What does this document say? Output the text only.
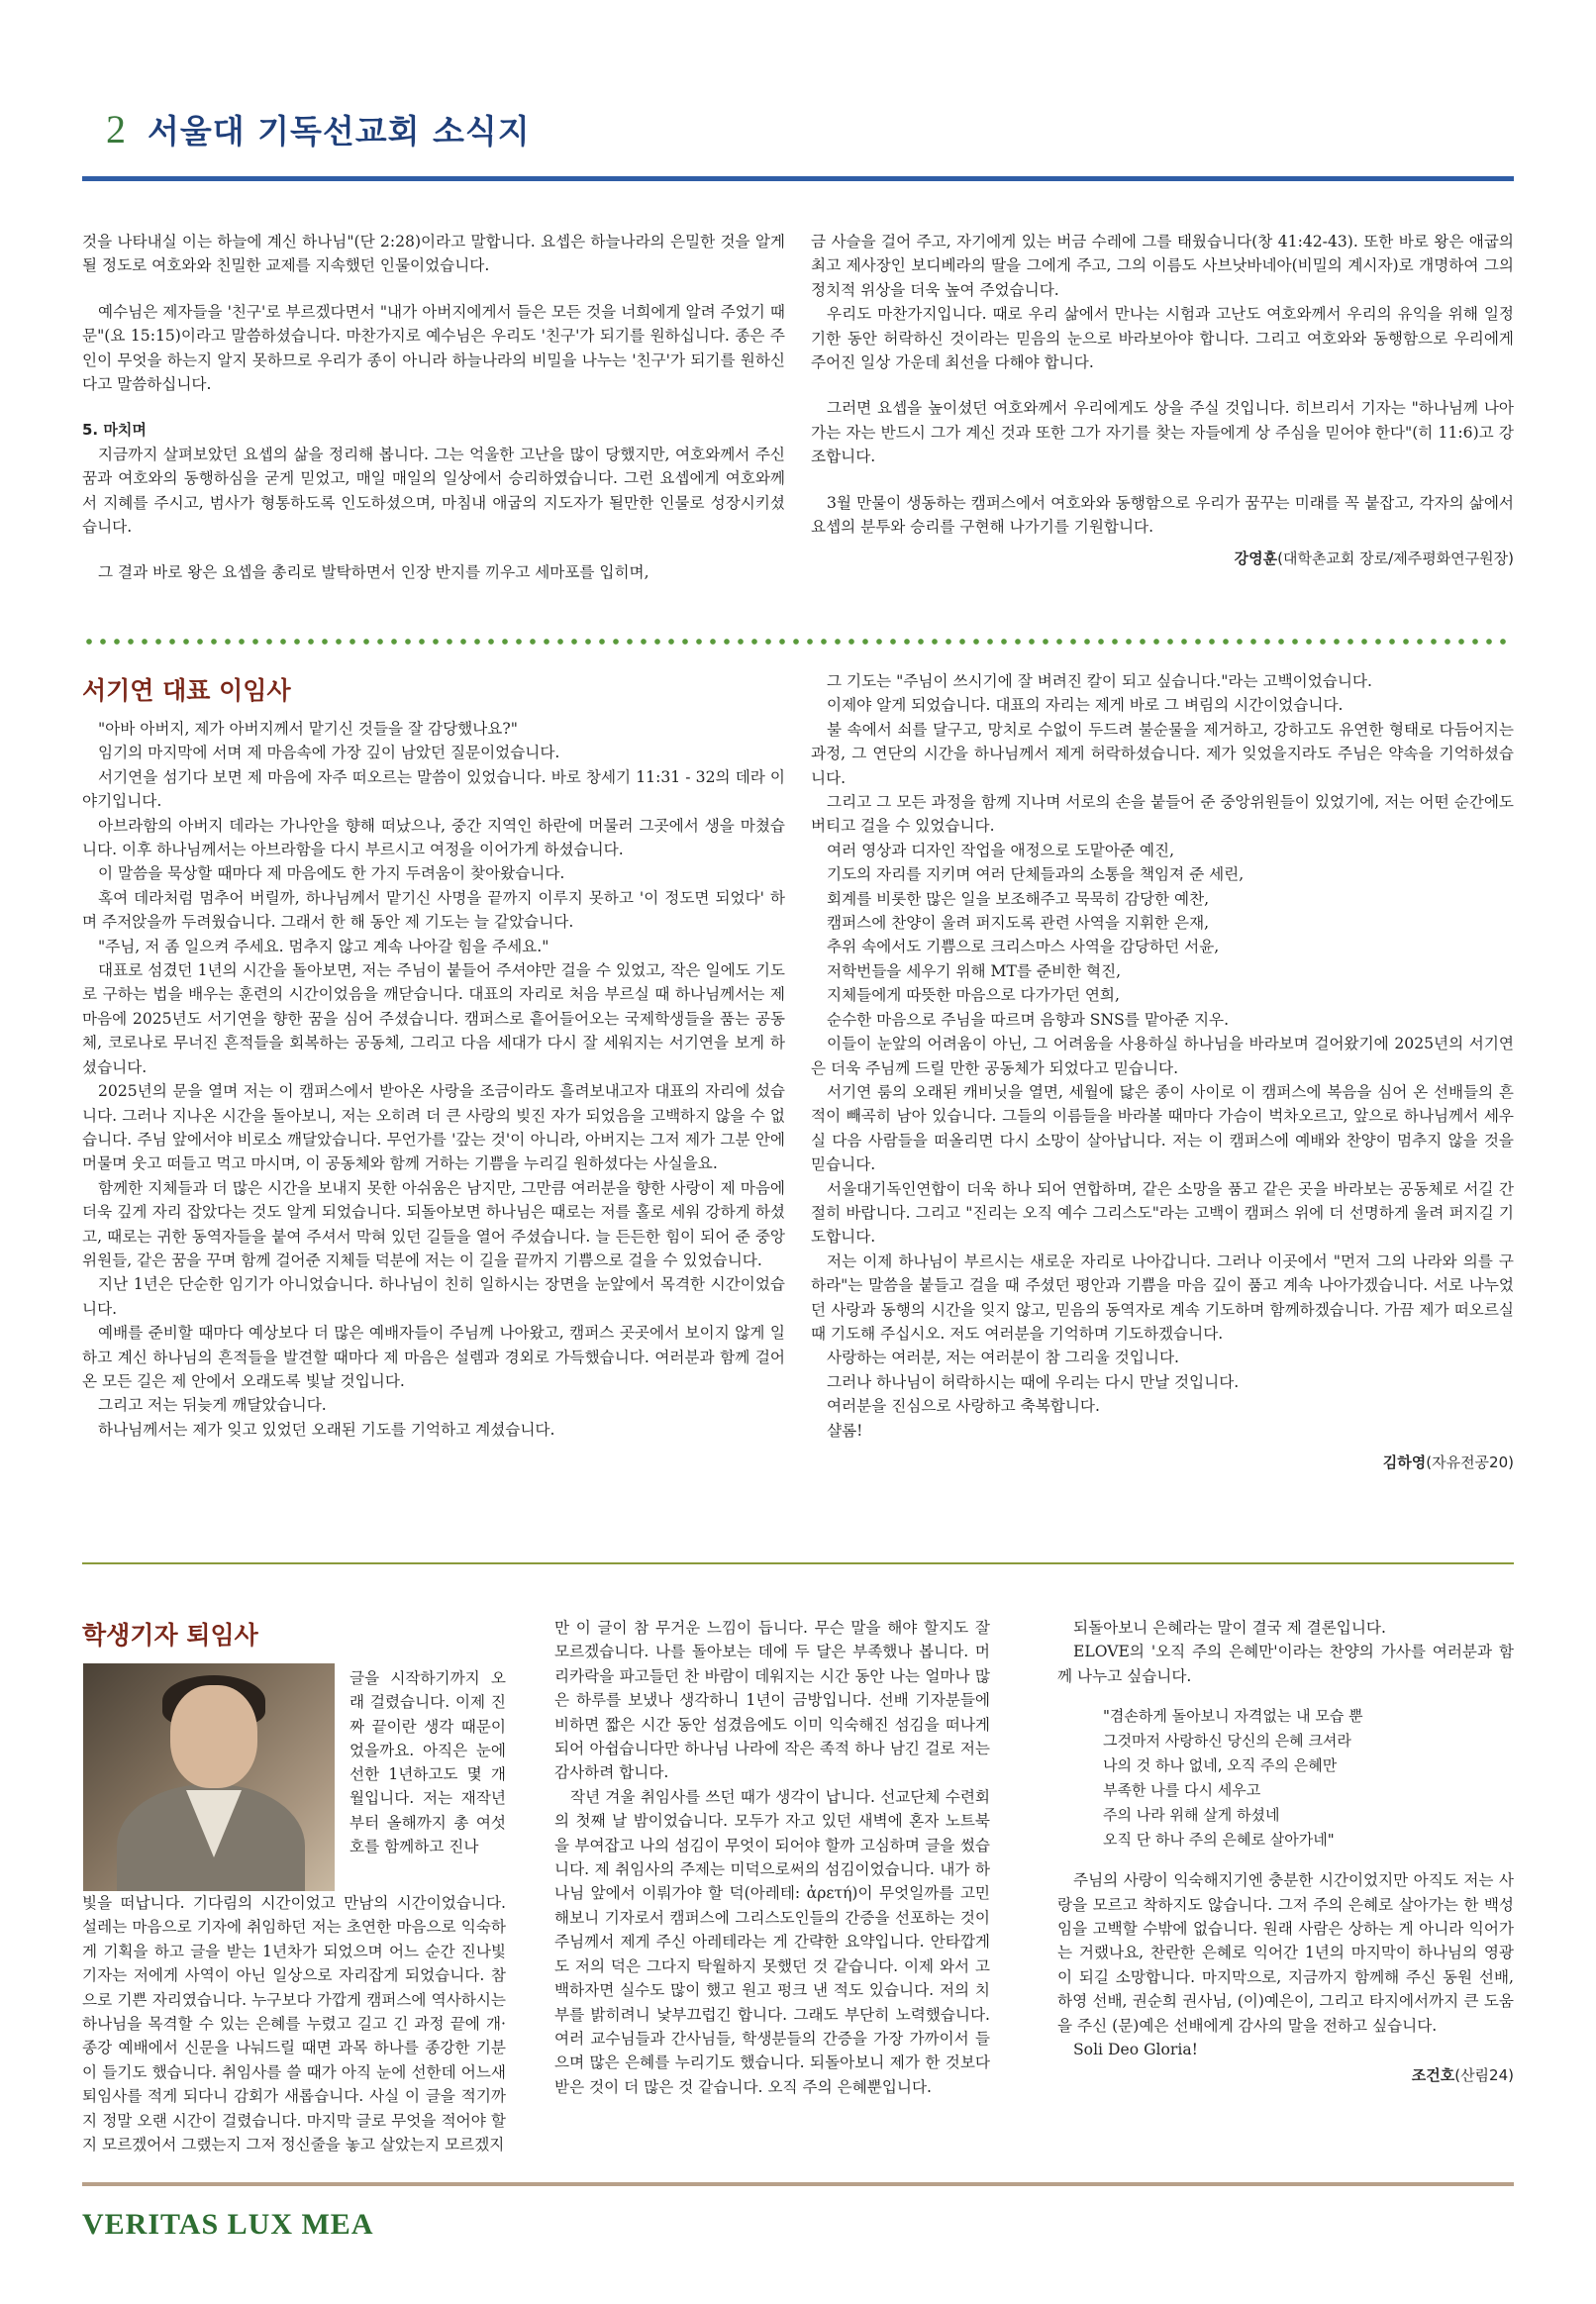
2 서울대 기독선교회 소식지

것을 나타내실 이는 하늘에 계신 하나님"(단 2:28)이라고 말합니다. 요셉은 하늘나라의 은밀한 것을 알게 될 정도로 여호와와 친밀한 교제를 지속했던 인물이었습니다.

예수님은 제자들을 '친구'로 부르겠다면서 "내가 아버지에게서 들은 모든 것을 너희에게 알려 주었기 때문"(요 15:15)이라고 말씀하셨습니다. 마찬가지로 예수님은 우리도 '친구'가 되기를 원하십니다. 종은 주인이 무엇을 하는지 알지 못하므로 우리가 종이 아니라 하늘나라의 비밀을 나누는 '친구'가 되기를 원하신다고 말씀하십니다.

5. 마치며

지금까지 살펴보았던 요셉의 삶을 정리해 봅니다. 그는 억울한 고난을 많이 당했지만, 여호와께서 주신 꿈과 여호와의 동행하심을 굳게 믿었고, 매일 매일의 일상에서 승리하였습니다. 그런 요셉에게 여호와께서 지혜를 주시고, 범사가 형통하도록 인도하셨으며, 마침내 애굽의 지도자가 될만한 인물로 성장시키셨습니다.

그 결과 바로 왕은 요셉을 총리로 발탁하면서 인장 반지를 끼우고 세마포를 입히며,

금 사슬을 걸어 주고, 자기에게 있는 버금 수레에 그를 태웠습니다(창 41:42-43). 또한 바로 왕은 애굽의 최고 제사장인 보디베라의 딸을 그에게 주고, 그의 이름도 사브낫바네아(비밀의 계시자)로 개명하여 그의 정치적 위상을 더욱 높여 주었습니다.

우리도 마찬가지입니다. 때로 우리 삶에서 만나는 시험과 고난도 여호와께서 우리의 유익을 위해 일정 기한 동안 허락하신 것이라는 믿음의 눈으로 바라보아야 합니다. 그리고 여호와와 동행함으로 우리에게 주어진 일상 가운데 최선을 다해야 합니다.

그러면 요셉을 높이셨던 여호와께서 우리에게도 상을 주실 것입니다. 히브리서 기자는 "하나님께 나아가는 자는 반드시 그가 계신 것과 또한 그가 자기를 찾는 자들에게 상 주심을 믿어야 한다"(히 11:6)고 강조합니다.

3월 만물이 생동하는 캠퍼스에서 여호와와 동행함으로 우리가 꿈꾸는 미래를 꼭 붙잡고, 각자의 삶에서 요셉의 분투와 승리를 구현해 나가기를 기원합니다.

강영훈(대학촌교회 장로/제주평화연구원장)

서기연 대표 이임사

"아바 아버지, 제가 아버지께서 맡기신 것들을 잘 감당했나요?"

임기의 마지막에 서며 제 마음속에 가장 깊이 남았던 질문이었습니다.

서기연을 섬기다 보면 제 마음에 자주 떠오르는 말씀이 있었습니다. 바로 창세기 11:31 - 32의 데라 이야기입니다.

아브라함의 아버지 데라는 가나안을 향해 떠났으나, 중간 지역인 하란에 머물러 그곳에서 생을 마쳤습니다. 이후 하나님께서는 아브라함을 다시 부르시고 여정을 이어가게 하셨습니다.

이 말씀을 묵상할 때마다 제 마음에도 한 가지 두려움이 찾아왔습니다.

혹여 데라처럼 멈추어 버릴까, 하나님께서 맡기신 사명을 끝까지 이루지 못하고 '이 정도면 되었다' 하며 주저앉을까 두려웠습니다. 그래서 한 해 동안 제 기도는 늘 같았습니다.

"주님, 저 좀 일으켜 주세요. 멈추지 않고 계속 나아갈 힘을 주세요."

대표로 섬겼던 1년의 시간을 돌아보면, 저는 주님이 붙들어 주셔야만 걸을 수 있었고, 작은 일에도 기도로 구하는 법을 배우는 훈련의 시간이었음을 깨닫습니다. 대표의 자리로 처음 부르실 때 하나님께서는 제 마음에 2025년도 서기연을 향한 꿈을 심어 주셨습니다. 캠퍼스로 흩어들어오는 국제학생들을 품는 공동체, 코로나로 무너진 흔적들을 회복하는 공동체, 그리고 다음 세대가 다시 잘 세워지는 서기연을 보게 하셨습니다.

2025년의 문을 열며 저는 이 캠퍼스에서 받아온 사랑을 조금이라도 흘려보내고자 대표의 자리에 섰습니다. 그러나 지나온 시간을 돌아보니, 저는 오히려 더 큰 사랑의 빚진 자가 되었음을 고백하지 않을 수 없습니다. 주님 앞에서야 비로소 깨달았습니다. 무언가를 '갚는 것'이 아니라, 아버지는 그저 제가 그분 안에 머물며 웃고 떠들고 먹고 마시며, 이 공동체와 함께 거하는 기쁨을 누리길 원하셨다는 사실을요.

함께한 지체들과 더 많은 시간을 보내지 못한 아쉬움은 남지만, 그만큼 여러분을 향한 사랑이 제 마음에 더욱 깊게 자리 잡았다는 것도 알게 되었습니다. 되돌아보면 하나님은 때로는 저를 홀로 세워 강하게 하셨고, 때로는 귀한 동역자들을 붙여 주셔서 막혀 있던 길들을 열어 주셨습니다. 늘 든든한 힘이 되어 준 중앙위원들, 같은 꿈을 꾸며 함께 걸어준 지체들 덕분에 저는 이 길을 끝까지 기쁨으로 걸을 수 있었습니다.

지난 1년은 단순한 임기가 아니었습니다. 하나님이 친히 일하시는 장면을 눈앞에서 목격한 시간이었습니다.

예배를 준비할 때마다 예상보다 더 많은 예배자들이 주님께 나아왔고, 캠퍼스 곳곳에서 보이지 않게 일하고 계신 하나님의 흔적들을 발견할 때마다 제 마음은 설렘과 경외로 가득했습니다. 여러분과 함께 걸어온 모든 길은 제 안에서 오래도록 빛날 것입니다.

그리고 저는 뒤늦게 깨달았습니다.

하나님께서는 제가 잊고 있었던 오래된 기도를 기억하고 계셨습니다.

그 기도는 "주님이 쓰시기에 잘 벼려진 칼이 되고 싶습니다."라는 고백이었습니다.

이제야 알게 되었습니다. 대표의 자리는 제게 바로 그 벼림의 시간이었습니다.

불 속에서 쇠를 달구고, 망치로 수없이 두드려 불순물을 제거하고, 강하고도 유연한 형태로 다듬어지는 과정, 그 연단의 시간을 하나님께서 제게 허락하셨습니다. 제가 잊었을지라도 주님은 약속을 기억하셨습니다.

그리고 그 모든 과정을 함께 지나며 서로의 손을 붙들어 준 중앙위원들이 있었기에, 저는 어떤 순간에도 버티고 걸을 수 있었습니다.

여러 영상과 디자인 작업을 애정으로 도맡아준 예진,

기도의 자리를 지키며 여러 단체들과의 소통을 책임져 준 세린,

회계를 비롯한 많은 일을 보조해주고 묵묵히 감당한 예찬,

캠퍼스에 찬양이 울려 퍼지도록 관련 사역을 지휘한 은재,

추위 속에서도 기쁨으로 크리스마스 사역을 감당하던 서윤,

저학번들을 세우기 위해 MT를 준비한 혁진,

지체들에게 따뜻한 마음으로 다가가던 연희,

순수한 마음으로 주님을 따르며 음향과 SNS를 맡아준 지우.

이들이 눈앞의 어려움이 아닌, 그 어려움을 사용하실 하나님을 바라보며 걸어왔기에 2025년의 서기연은 더욱 주님께 드릴 만한 공동체가 되었다고 믿습니다.

서기연 룸의 오래된 캐비닛을 열면, 세월에 닳은 종이 사이로 이 캠퍼스에 복음을 심어 온 선배들의 흔적이 빼곡히 남아 있습니다. 그들의 이름들을 바라볼 때마다 가슴이 벅차오르고, 앞으로 하나님께서 세우실 다음 사람들을 떠올리면 다시 소망이 살아납니다. 저는 이 캠퍼스에 예배와 찬양이 멈추지 않을 것을 믿습니다.

서울대기독인연합이 더욱 하나 되어 연합하며, 같은 소망을 품고 같은 곳을 바라보는 공동체로 서길 간절히 바랍니다. 그리고 "진리는 오직 예수 그리스도"라는 고백이 캠퍼스 위에 더 선명하게 울려 퍼지길 기도합니다.

저는 이제 하나님이 부르시는 새로운 자리로 나아갑니다. 그러나 이곳에서 "먼저 그의 나라와 의를 구하라"는 말씀을 붙들고 걸을 때 주셨던 평안과 기쁨을 마음 깊이 품고 계속 나아가겠습니다. 서로 나누었던 사랑과 동행의 시간을 잊지 않고, 믿음의 동역자로 계속 기도하며 함께하겠습니다. 가끔 제가 떠오르실 때 기도해 주십시오. 저도 여러분을 기억하며 기도하겠습니다.

사랑하는 여러분, 저는 여러분이 참 그리울 것입니다.

그러나 하나님이 허락하시는 때에 우리는 다시 만날 것입니다.

여러분을 진심으로 사랑하고 축복합니다.

샬롬!

김하영(자유전공20)

학생기자 퇴임사

글을 시작하기까지 오래 걸렸습니다. 이제 진짜 끝이란 생각 때문이었을까요. 아직은 눈에 선한 1년하고도 몇 개월입니다. 저는 재작년부터 올해까지 총 여섯 호를 함께하고 진나

빛을 떠납니다. 기다림의 시간이었고 만남의 시간이었습니다. 설레는 마음으로 기자에 취임하던 저는 초연한 마음으로 익숙하게 기획을 하고 글을 받는 1년차가 되었으며 어느 순간 진나빛 기자는 저에게 사역이 아닌 일상으로 자리잡게 되었습니다. 참으로 기쁜 자리였습니다. 누구보다 가깝게 캠퍼스에 역사하시는 하나님을 목격할 수 있는 은혜를 누렸고 길고 긴 과정 끝에 개·종강 예배에서 신문을 나눠드릴 때면 과목 하나를 종강한 기분이 들기도 했습니다. 취임사를 쓸 때가 아직 눈에 선한데 어느새 퇴임사를 적게 되다니 감회가 새롭습니다. 사실 이 글을 적기까지 정말 오랜 시간이 걸렸습니다. 마지막 글로 무엇을 적어야 할지 모르겠어서 그랬는지 그저 정신줄을 놓고 살았는지 모르겠지

만 이 글이 참 무거운 느낌이 듭니다. 무슨 말을 해야 할지도 잘 모르겠습니다. 나를 돌아보는 데에 두 달은 부족했나 봅니다. 머리카락을 파고들던 찬 바람이 데워지는 시간 동안 나는 얼마나 많은 하루를 보냈나 생각하니 1년이 금방입니다. 선배 기자분들에 비하면 짧은 시간 동안 섬겼음에도 이미 익숙해진 섬김을 떠나게 되어 아쉽습니다만 하나님 나라에 작은 족적 하나 남긴 걸로 저는 감사하려 합니다.

작년 겨울 취임사를 쓰던 때가 생각이 납니다. 선교단체 수련회의 첫째 날 밤이었습니다. 모두가 자고 있던 새벽에 혼자 노트북을 부여잡고 나의 섬김이 무엇이 되어야 할까 고심하며 글을 썼습니다. 제 취임사의 주제는 미덕으로써의 섬김이었습니다. 내가 하나님 앞에서 이뤄가야 할 덕(아레테: ἀρετή)이 무엇일까를 고민해보니 기자로서 캠퍼스에 그리스도인들의 간증을 선포하는 것이 주님께서 제게 주신 아레테라는 게 간략한 요약입니다. 안타깝게도 저의 덕은 그다지 탁월하지 못했던 것 같습니다. 이제 와서 고백하자면 실수도 많이 했고 원고 펑크 낸 적도 있습니다. 저의 치부를 밝히려니 낯부끄럽긴 합니다. 그래도 부단히 노력했습니다. 여러 교수님들과 간사님들, 학생분들의 간증을 가장 가까이서 들으며 많은 은혜를 누리기도 했습니다. 되돌아보니 제가 한 것보다 받은 것이 더 많은 것 같습니다. 오직 주의 은혜뿐입니다.

되돌아보니 은혜라는 말이 결국 제 결론입니다.

ELOVE의 '오직 주의 은혜만'이라는 찬양의 가사를 여러분과 함께 나누고 싶습니다.

"겸손하게 돌아보니 자격없는 내 모습 뿐
그것마저 사랑하신 당신의 은혜 크셔라
나의 것 하나 없네, 오직 주의 은혜만
부족한 나를 다시 세우고
주의 나라 위해 살게 하셨네
오직 단 하나 주의 은혜로 살아가네"

주님의 사랑이 익숙해지기엔 충분한 시간이었지만 아직도 저는 사랑을 모르고 착하지도 않습니다. 그저 주의 은혜로 살아가는 한 백성임을 고백할 수밖에 없습니다. 원래 사람은 상하는 게 아니라 익어가는 거랬나요, 찬란한 은혜로 익어간 1년의 마지막이 하나님의 영광이 되길 소망합니다. 마지막으로, 지금까지 함께해 주신 동원 선배, 하영 선배, 권순희 권사님, (이)예은이, 그리고 타지에서까지 큰 도움을 주신 (문)예은 선배에게 감사의 말을 전하고 싶습니다.

Soli Deo Gloria!

조건호(산림24)

VERITAS LUX MEA
